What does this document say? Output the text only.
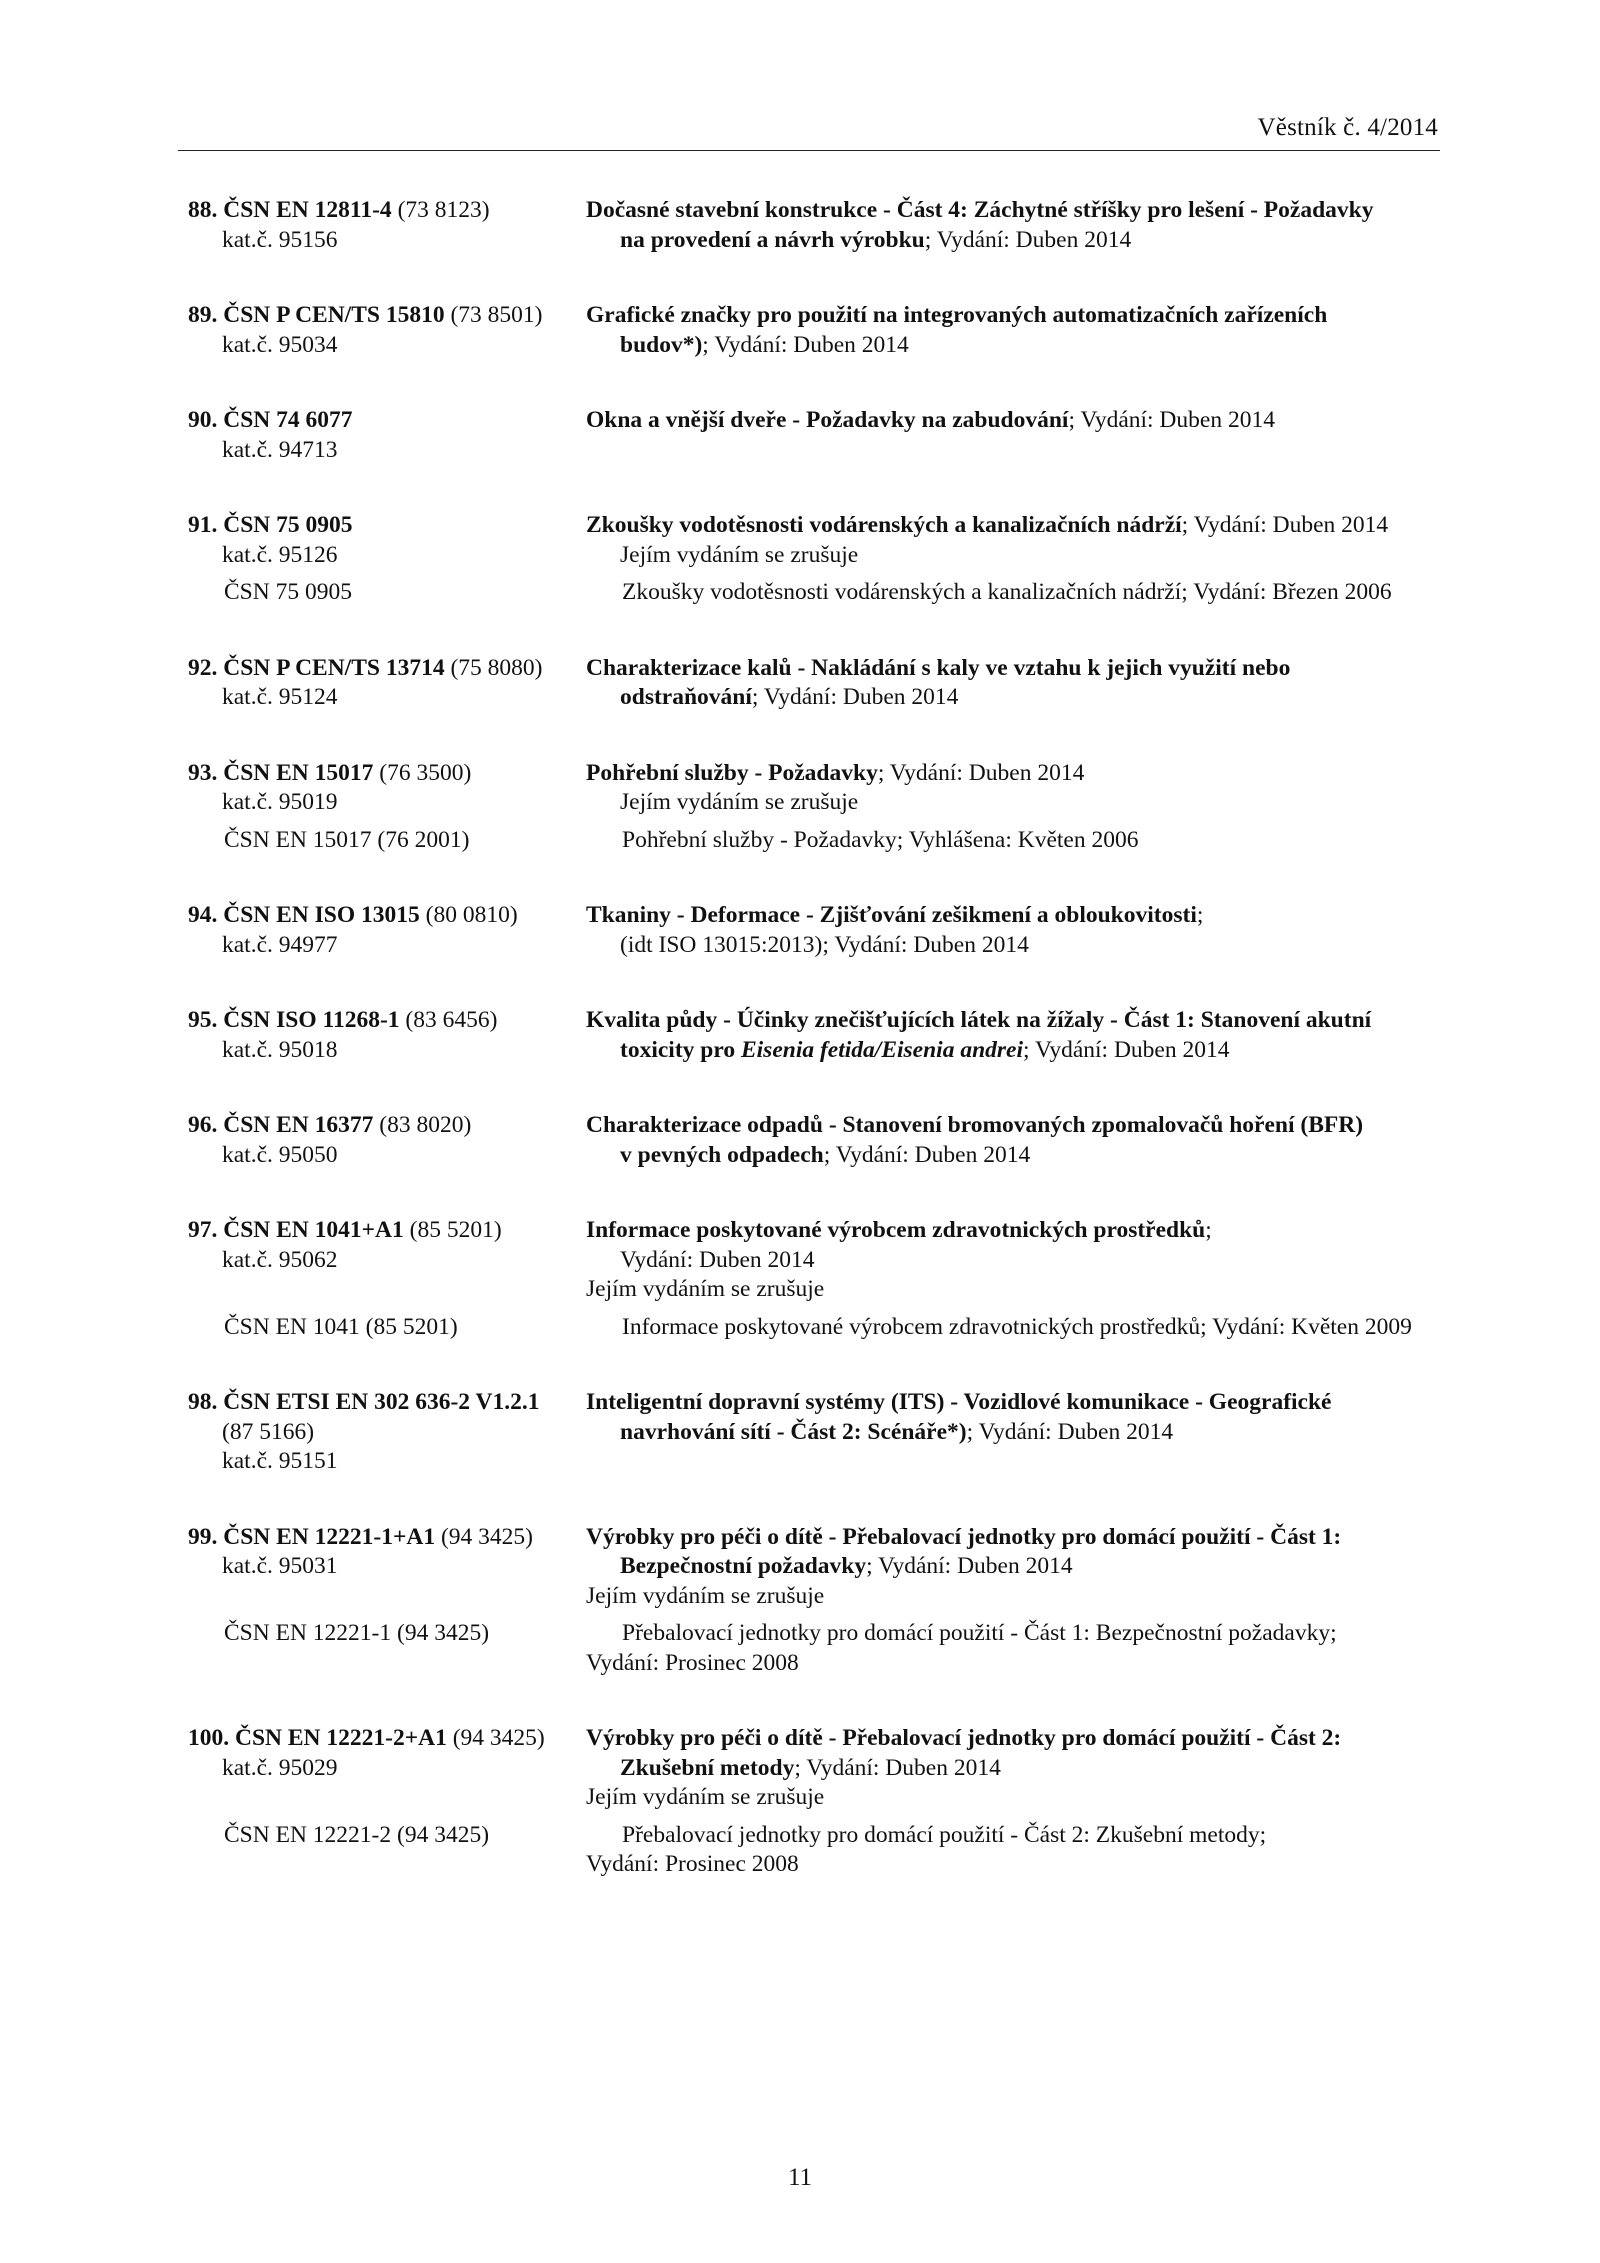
Věstník č. 4/2014
88. ČSN EN 12811-4 (73 8123)	Dočasné stavební konstrukce - Část 4: Záchytné stříšky pro lešení - Požadavky
kat.č. 95156	na provedení a návrh výrobku; Vydání: Duben 2014
89. ČSN P CEN/TS 15810 (73 8501)	Grafické značky pro použití na integrovaných automatizačních zařízeních
kat.č. 95034	budov*); Vydání: Duben 2014
90. ČSN 74 6077	Okna a vnější dveře - Požadavky na zabudování; Vydání: Duben 2014
kat.č. 94713
91. ČSN 75 0905	Zkoušky vodotěsnosti vodárenských a kanalizačních nádrží; Vydání: Duben 2014
kat.č. 95126	Jejím vydáním se zrušuje
ČSN 75 0905	Zkoušky vodotěsnosti vodárenských a kanalizačních nádrží; Vydání: Březen 2006
92. ČSN P CEN/TS 13714 (75 8080)	Charakterizace kalů - Nakládání s kaly ve vztahu k jejich využití nebo
kat.č. 95124	odstraňování; Vydání: Duben 2014
93. ČSN EN 15017 (76 3500)	Pohřební služby - Požadavky; Vydání: Duben 2014
kat.č. 95019	Jejím vydáním se zrušuje
ČSN EN 15017 (76 2001)	Pohřební služby - Požadavky; Vyhlášena: Květen 2006
94. ČSN EN ISO 13015 (80 0810)	Tkaniny - Deformace - Zjišťování zešikmení a oblоukovitosti;
kat.č. 94977	(idt ISO 13015:2013); Vydání: Duben 2014
95. ČSN ISO 11268-1 (83 6456)	Kvalita půdy - Účinky znečišťujících látek na žížaly - Část 1: Stanovení akutní
kat.č. 95018	toxicity pro Eisenia fetida/Eisenia andrei; Vydání: Duben 2014
96. ČSN EN 16377 (83 8020)	Charakterizace odpadů - Stanovení bromovaných zpomalovačů hoření (BFR)
kat.č. 95050	v pevných odpadech; Vydání: Duben 2014
97. ČSN EN 1041+A1 (85 5201)	Informace poskytované výrobcem zdravotnických prostředků;
kat.č. 95062	Vydání: Duben 2014
Jejím vydáním se zrušuje
ČSN EN 1041 (85 5201)	Informace poskytované výrobcem zdravotnických prostředků; Vydání: Květen 2009
98. ČSN ETSI EN 302 636-2 V1.2.1	Inteligentní dopravní systémy (ITS) - Vozidlové komunikace - Geografické
(87 5166)	navrhování sítí - Část 2: Scénáře*); Vydání: Duben 2014
kat.č. 95151
99. ČSN EN 12221-1+A1 (94 3425)	Výrobky pro péči o dítě - Přebalovací jednotky pro domácí použití - Část 1:
kat.č. 95031	Bezpečnostní požadavky; Vydání: Duben 2014
Jejím vydáním se zrušuje
ČSN EN 12221-1 (94 3425)	Přebalovací jednotky pro domácí použití - Část 1: Bezpečnostní požadavky;
Vydání: Prosinec 2008
100. ČSN EN 12221-2+A1 (94 3425)	Výrobky pro péči o dítě - Přebalovací jednotky pro domácí použití - Část 2:
kat.č. 95029	Zkušební metody; Vydání: Duben 2014
Jejím vydáním se zrušuje
ČSN EN 12221-2 (94 3425)	Přebalovací jednotky pro domácí použití - Část 2: Zkušební metody;
Vydání: Prosinec 2008
11
